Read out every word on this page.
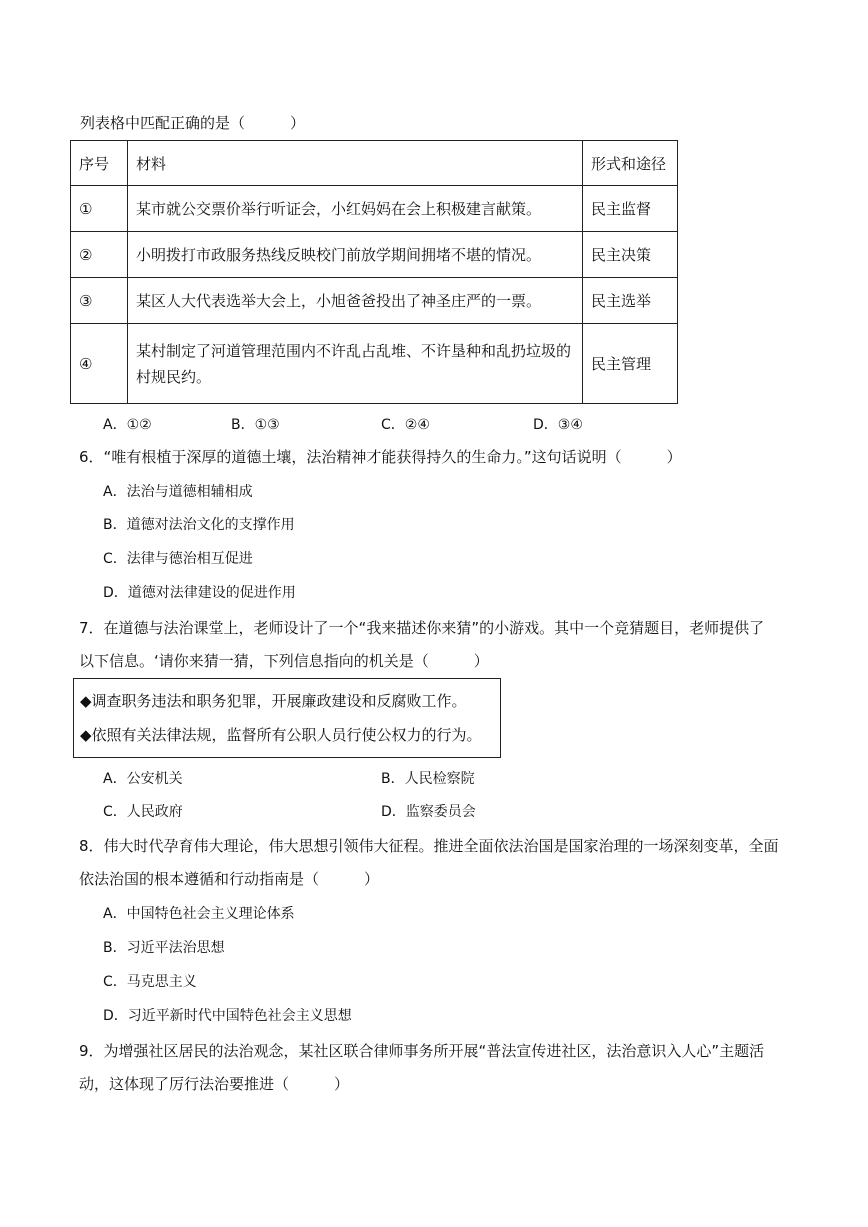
列表格中匹配正确的是（　　　）
序号	材料	形式和途径
①	某市就公交票价举行听证会，小红妈妈在会上积极建言献策。	民主监督
②	小明拨打市政服务热线反映校门前放学期间拥堵不堪的情况。	民主决策
③	某区人大代表选举大会上，小旭爸爸投出了神圣庄严的一票。	民主选举
④	某村制定了河道管理范围内不许乱占乱堆、不许垦种和乱扔垃圾的
村规民约。	民主管理
A．①②	B．①③	C．②④	D．③④
6．“唯有根植于深厚的道德土壤，法治精神才能获得持久的生命力。”这句话说明（　　　）
A．法治与道德相辅相成
B．道德对法治文化的支撑作用
C．法律与德治相互促进
D．道德对法律建设的促进作用
7．在道德与法治课堂上，老师设计了一个“我来描述你来猜”的小游戏。其中一个竞猜题目，老师提供了
以下信息。‘请你来猜一猜，下列信息指向的机关是（　　　）
◆调查职务违法和职务犯罪，开展廉政建设和反腐败工作。
◆依照有关法律法规，监督所有公职人员行使公权力的行为。
A．公安机关	B．人民检察院
C．人民政府	D．监察委员会
8．伟大时代孕育伟大理论，伟大思想引领伟大征程。推进全面依法治国是国家治理的一场深刻变革，全面
依法治国的根本遵循和行动指南是（　　　）
A．中国特色社会主义理论体系
B．习近平法治思想
C．马克思主义
D．习近平新时代中国特色社会主义思想
9．为增强社区居民的法治观念，某社区联合律师事务所开展“普法宣传进社区，法治意识入人心”主题活
动，这体现了厉行法治要推进（　　　）
